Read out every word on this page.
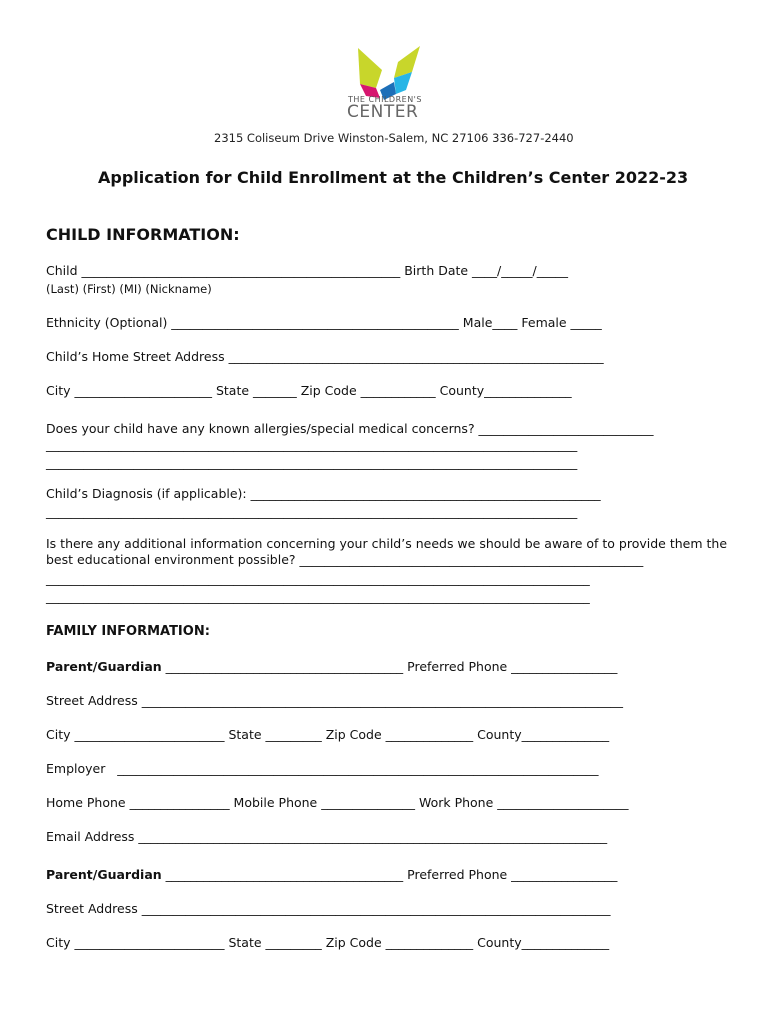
THE CHILDREN'S
CENTER
2315 Coliseum Drive Winston-Salem, NC 27106 336-727-2440
Application for Child Enrollment at the Children’s Center 2022-23
CHILD INFORMATION:
Child ___________________________________________________ Birth Date ____/_____/_____
(Last) (First) (MI) (Nickname)
Ethnicity (Optional) ______________________________________________ Male____ Female _____
Child’s Home Street Address ____________________________________________________________
City ______________________ State _______ Zip Code ____________ County______________
Does your child have any known allergies/special medical concerns? ____________________________
_____________________________________________________________________________________
_____________________________________________________________________________________
Child’s Diagnosis (if applicable): ________________________________________________________
_____________________________________________________________________________________
Is there any additional information concerning your child’s needs we should be aware of to provide them the
best educational environment possible? _______________________________________________________
_______________________________________________________________________________________
_______________________________________________________________________________________
FAMILY INFORMATION:
Parent/Guardian ______________________________________ Preferred Phone _________________
Street Address _____________________________________________________________________________
City ________________________ State _________ Zip Code ______________ County______________
Employer   _____________________________________________________________________________
Home Phone ________________ Mobile Phone _______________ Work Phone _____________________
Email Address ___________________________________________________________________________
Parent/Guardian ______________________________________ Preferred Phone _________________
Street Address ___________________________________________________________________________
City ________________________ State _________ Zip Code ______________ County______________
